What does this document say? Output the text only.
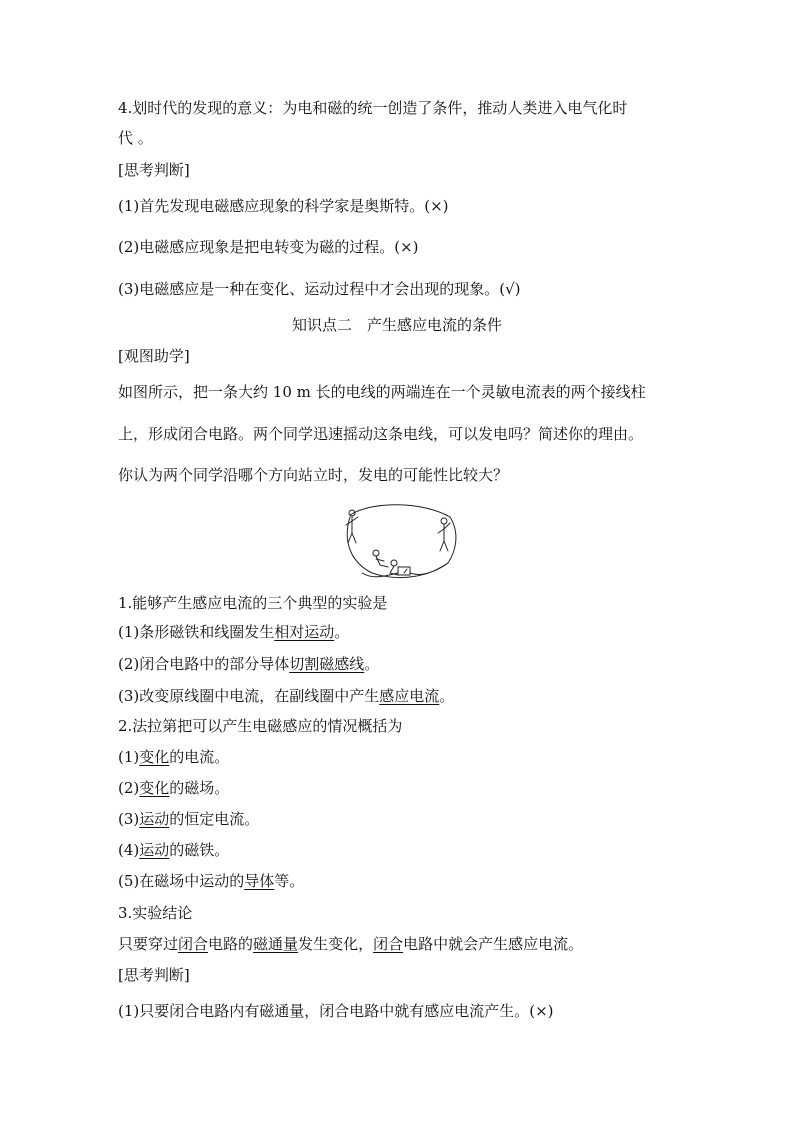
4.划时代的发现的意义：为电和磁的统一创造了条件，推动人类进入电气化时
代 。
[思考判断]
(1)首先发现电磁感应现象的科学家是奥斯特。(×)
(2)电磁感应现象是把电转变为磁的过程。(×)
(3)电磁感应是一种在变化、运动过程中才会出现的现象。(√)
知识点二　产生感应电流的条件
[观图助学]
如图所示，把一条大约 10 m 长的电线的两端连在一个灵敏电流表的两个接线柱
上，形成闭合电路。两个同学迅速摇动这条电线，可以发电吗？简述你的理由。
你认为两个同学沿哪个方向站立时，发电的可能性比较大？
1.能够产生感应电流的三个典型的实验是
(1)条形磁铁和线圈发生相对运动。
(2)闭合电路中的部分导体切割磁感线。
(3)改变原线圈中电流，在副线圈中产生感应电流。
2.法拉第把可以产生电磁感应的情况概括为
(1)变化的电流。
(2)变化的磁场。
(3)运动的恒定电流。
(4)运动的磁铁。
(5)在磁场中运动的导体等。
3.实验结论
只要穿过闭合电路的磁通量发生变化，闭合电路中就会产生感应电流。
[思考判断]
(1)只要闭合电路内有磁通量，闭合电路中就有感应电流产生。(×)
